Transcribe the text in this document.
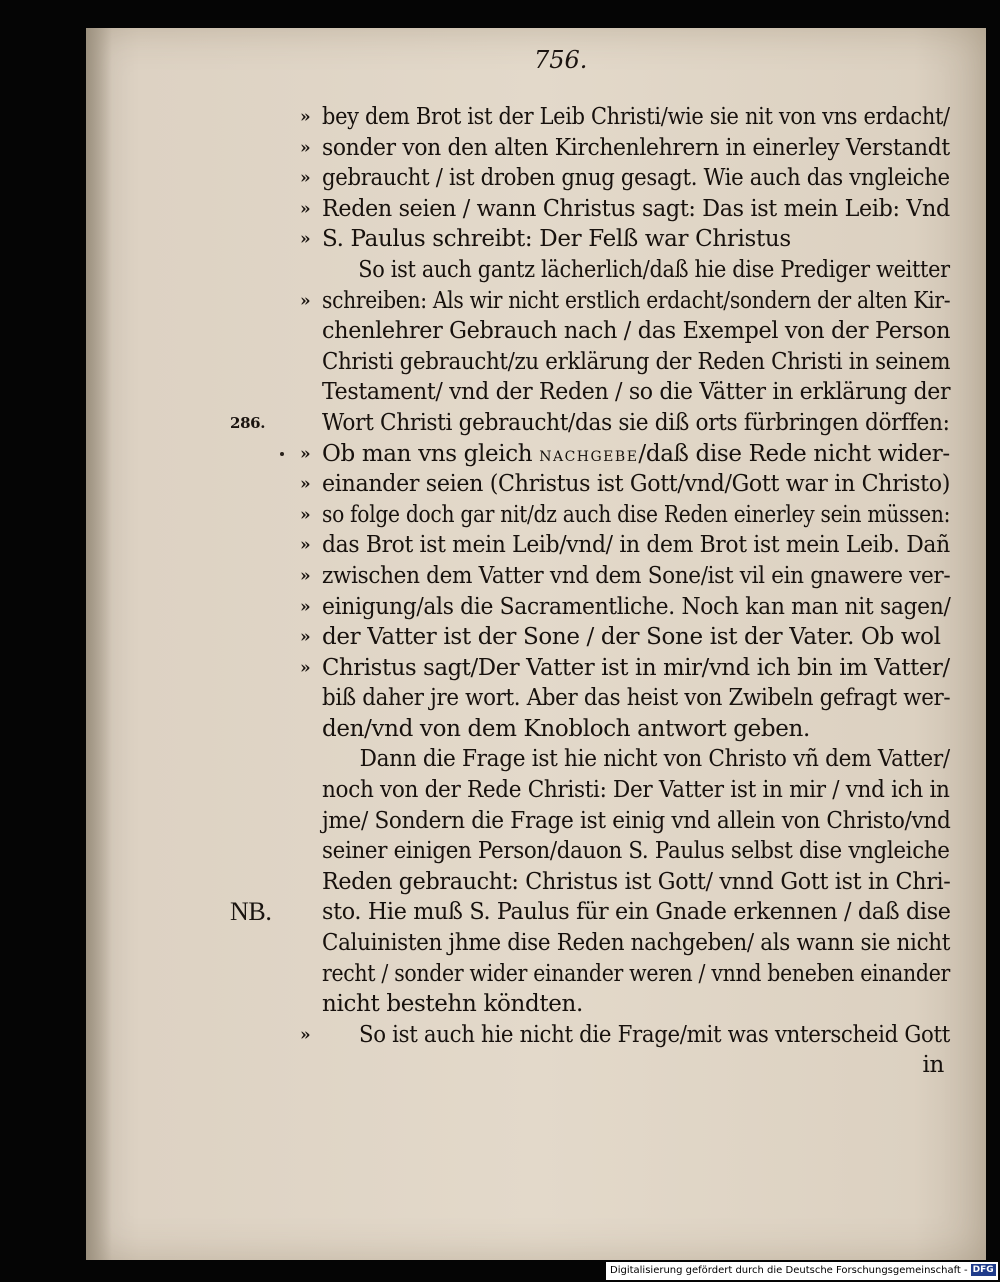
756.
» bey dem Brot ist der Leib Christi/wie sie nit von vns erdacht/
» sonder von den alten Kirchenlehrern in einerley Verstandt
» gebraucht / ist droben gnug gesagt. Wie auch das vngleiche
» Reden seien / wann Christus sagt: Das ist mein Leib: Vnd
» S. Paulus schreibt: Der Felß war Christus
So ist auch gantz lächerlich/daß hie dise Prediger weitter
» schreiben: Als wir nicht erstlich erdacht/sondern der alten Kir-
chenlehrer Gebrauch nach / das Exempel von der Person
Christi gebraucht/zu erklärung der Reden Christi in seinem
Testament/ vnd der Reden / so die Vätter in erklärung der
286. Wort Christi gebraucht/das sie diß orts fürbringen dörffen:
» Ob man vns gleich NACHGEBE/daß dise Rede nicht wider-
» einander seien (Christus ist Gott/vnd/Gott war in Christo)
» so folge doch gar nit/dz auch dise Reden einerley sein müssen:
» das Brot ist mein Leib/vnd/ in dem Brot ist mein Leib. Dañ
» zwischen dem Vatter vnd dem Sone/ist vil ein gnawere ver-
» einigung/als die Sacramentliche. Noch kan man nit sagen/
» der Vatter ist der Sone / der Sone ist der Vater. Ob wol
» Christus sagt/Der Vatter ist in mir/vnd ich bin im Vatter/
biß daher jre wort. Aber das heist von Zwibeln gefragt wer-
den/vnd von dem Knobloch antwort geben.
Dann die Frage ist hie nicht von Christo vñ dem Vatter/
noch von der Rede Christi: Der Vatter ist in mir / vnd ich in
jme/ Sondern die Frage ist einig vnd allein von Christo/vnd
seiner einigen Person/dauon S. Paulus selbst dise vngleiche
Reden gebraucht: Christus ist Gott/ vnnd Gott ist in Chri-
NB. sto. Hie muß S. Paulus für ein Gnade erkennen / daß dise
Caluinisten jhme dise Reden nachgeben/ als wann sie nicht
recht / sonder wider einander weren / vnnd beneben einander
nicht bestehn köndten.
»	So ist auch hie nicht die Frage/mit was vnterscheid Gott
in
Digitalisierung gefördert durch die Deutsche Forschungsgemeinschaft - DFG
